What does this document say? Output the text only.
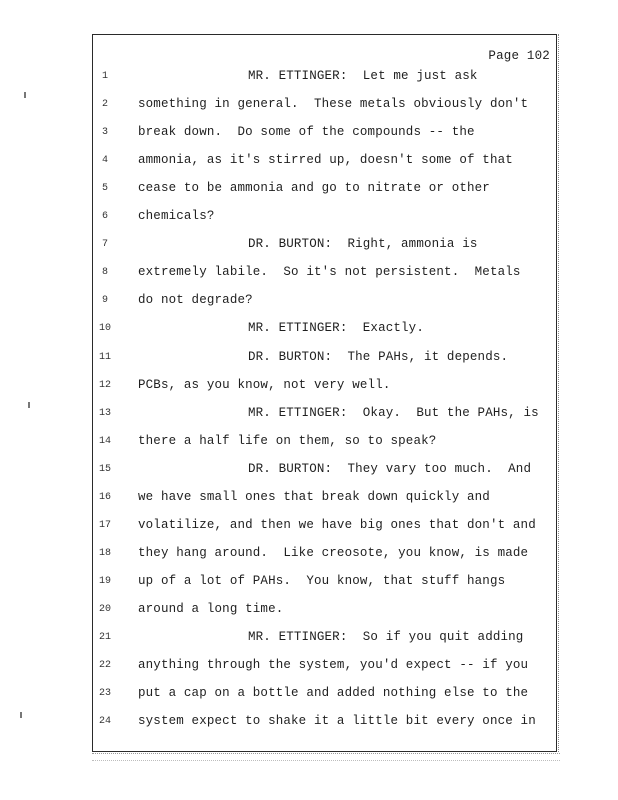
Page 102
1	MR. ETTINGER:  Let me just ask
2	something in general.  These metals obviously don't
3	break down.  Do some of the compounds -- the
4	ammonia, as it's stirred up, doesn't some of that
5	cease to be ammonia and go to nitrate or other
6	chemicals?
7	DR. BURTON:  Right, ammonia is
8	extremely labile.  So it's not persistent.  Metals
9	do not degrade?
10	MR. ETTINGER:  Exactly.
11	DR. BURTON:  The PAHs, it depends.
12 PCBs, as you know, not very well.
13	MR. ETTINGER:  Okay.  But the PAHs, is
14 there a half life on them, so to speak?
15	DR. BURTON:  They vary too much.  And
16 we have small ones that break down quickly and
17 volatilize, and then we have big ones that don't and
18 they hang around.  Like creosote, you know, is made
19 up of a lot of PAHs.  You know, that stuff hangs
20 around a long time.
21	MR. ETTINGER:  So if you quit adding
22 anything through the system, you'd expect -- if you
23 put a cap on a bottle and added nothing else to the
24 system expect to shake it a little bit every once in
